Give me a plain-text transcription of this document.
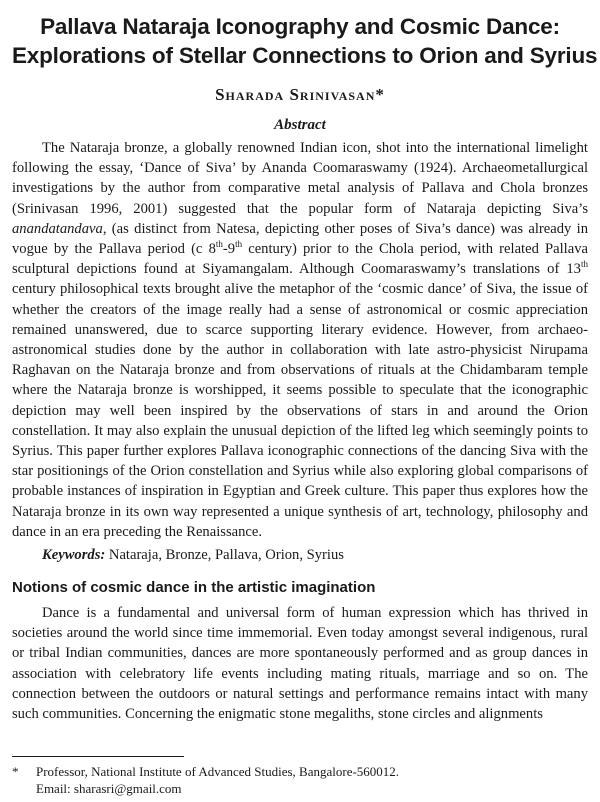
Pallava Nataraja Iconography and Cosmic Dance:
Explorations of Stellar Connections to Orion and Syrius
Sharada Srinivasan*
Abstract

The Nataraja bronze, a globally renowned Indian icon, shot into the international limelight following the essay, ‘Dance of Siva’ by Ananda Coomaraswamy (1924). Archaeometallurgical investigations by the author from comparative metal analysis of Pallava and Chola bronzes (Srinivasan 1996, 2001) suggested that the popular form of Nataraja depicting Siva’s anandatandava, (as distinct from Natesa, depicting other poses of Siva’s dance) was already in vogue by the Pallava period (c 8th-9th century) prior to the Chola period, with related Pallava sculptural depictions found at Siyamangalam. Although Coomaraswamy’s translations of 13th century philosophical texts brought alive the metaphor of the ‘cosmic dance’ of Siva, the issue of whether the creators of the image really had a sense of astronomical or cosmic appreciation remained unanswered, due to scarce supporting literary evidence. However, from archaeo-astronomical studies done by the author in collaboration with late astro-physicist Nirupama Raghavan on the Nataraja bronze and from observations of rituals at the Chidambaram temple where the Nataraja bronze is worshipped, it seems possible to speculate that the iconographic depiction may well been inspired by the observations of stars in and around the Orion constellation. It may also explain the unusual depiction of the lifted leg which seemingly points to Syrius. This paper further explores Pallava iconographic connections of the dancing Siva with the star positionings of the Orion constellation and Syrius while also exploring global comparisons of probable instances of inspiration in Egyptian and Greek culture. This paper thus explores how the Nataraja bronze in its own way represented a unique synthesis of art, technology, philosophy and dance in an era preceding the Renaissance.

Keywords: Nataraja, Bronze, Pallava, Orion, Syrius
Notions of cosmic dance in the artistic imagination

Dance is a fundamental and universal form of human expression which has thrived in societies around the world since time immemorial. Even today amongst several indigenous, rural or tribal Indian communities, dances are more spontaneously performed and as group dances in association with celebratory life events including mating rituals, marriage and so on. The connection between the outdoors or natural settings and performance remains intact with many such communities. Concerning the enigmatic stone megaliths, stone circles and alignments

* Professor, National Institute of Advanced Studies, Bangalore-560012.
Email: sharasri@gmail.com
